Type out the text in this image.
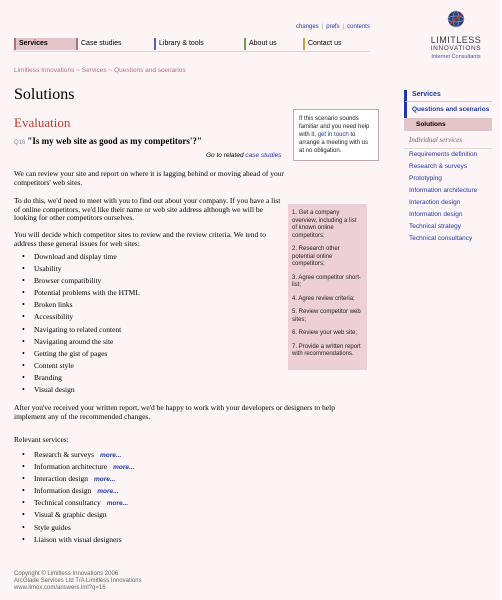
changes | prefs | contents
LIMITLESS
INNOVATIONS
Internet Consultants
Services	Case studies	Library & tools	About us	Contact us
Limitless Innovations ~ Services ~ Questions and scenarios
Solutions
Evaluation
Q16 "Is my web site as good as my competitors'?"
Go to related case studies
If this scenario sounds familiar and you need help with it, get in touch to arrange a meeting with us at no obligation.

We can review your site and report on where it is lagging behind or moving ahead of your competitors' web sites.

To do this, we'd need to meet with you to find out about your company. If you have a list of online competitors, we'd like their name or web site address although we will be looking for other competitors ourselves.

You will decide which competitor sites to review and the review criteria. We tend to address these general issues for web sites:

• Download and display time
• Usability
• Browser compatibility
• Potential problems with the HTML
• Broken links
• Accessibility
• Navigating to related content
• Navigating around the site
• Getting the gist of pages
• Content style
• Branding
• Visual design

1. Get a company overview, including a list of known online competitors;

2. Research other potential online competitors;

3. Agree competitor short-list;

4. Agree review criteria;

5. Review competitor web sites;

6. Review your web site;

7. Provide a written report with recommendations.

After you've received your written report, we'd be happy to work with your developers or designers to help implement any of the recommended changes.

Relevant services:
• Research & surveys more...
• Information architecture more...
• Interaction design more...
• Information design more...
• Technical consultancy more...
• Visual & graphic design
• Style guides
• Liaison with visual designers
Copyright © Limitless Innovations 2006
ArcGlade Services Ltd T/A Limitless Innovations
www.limox.com/answers.lml?q=16
Services
Questions and scenarios
Solutions
Individual services
Requirements definition
Research & surveys
Prototyping
Information architecture
Interaction design
Information design
Technical strategy
Technical consultancy
